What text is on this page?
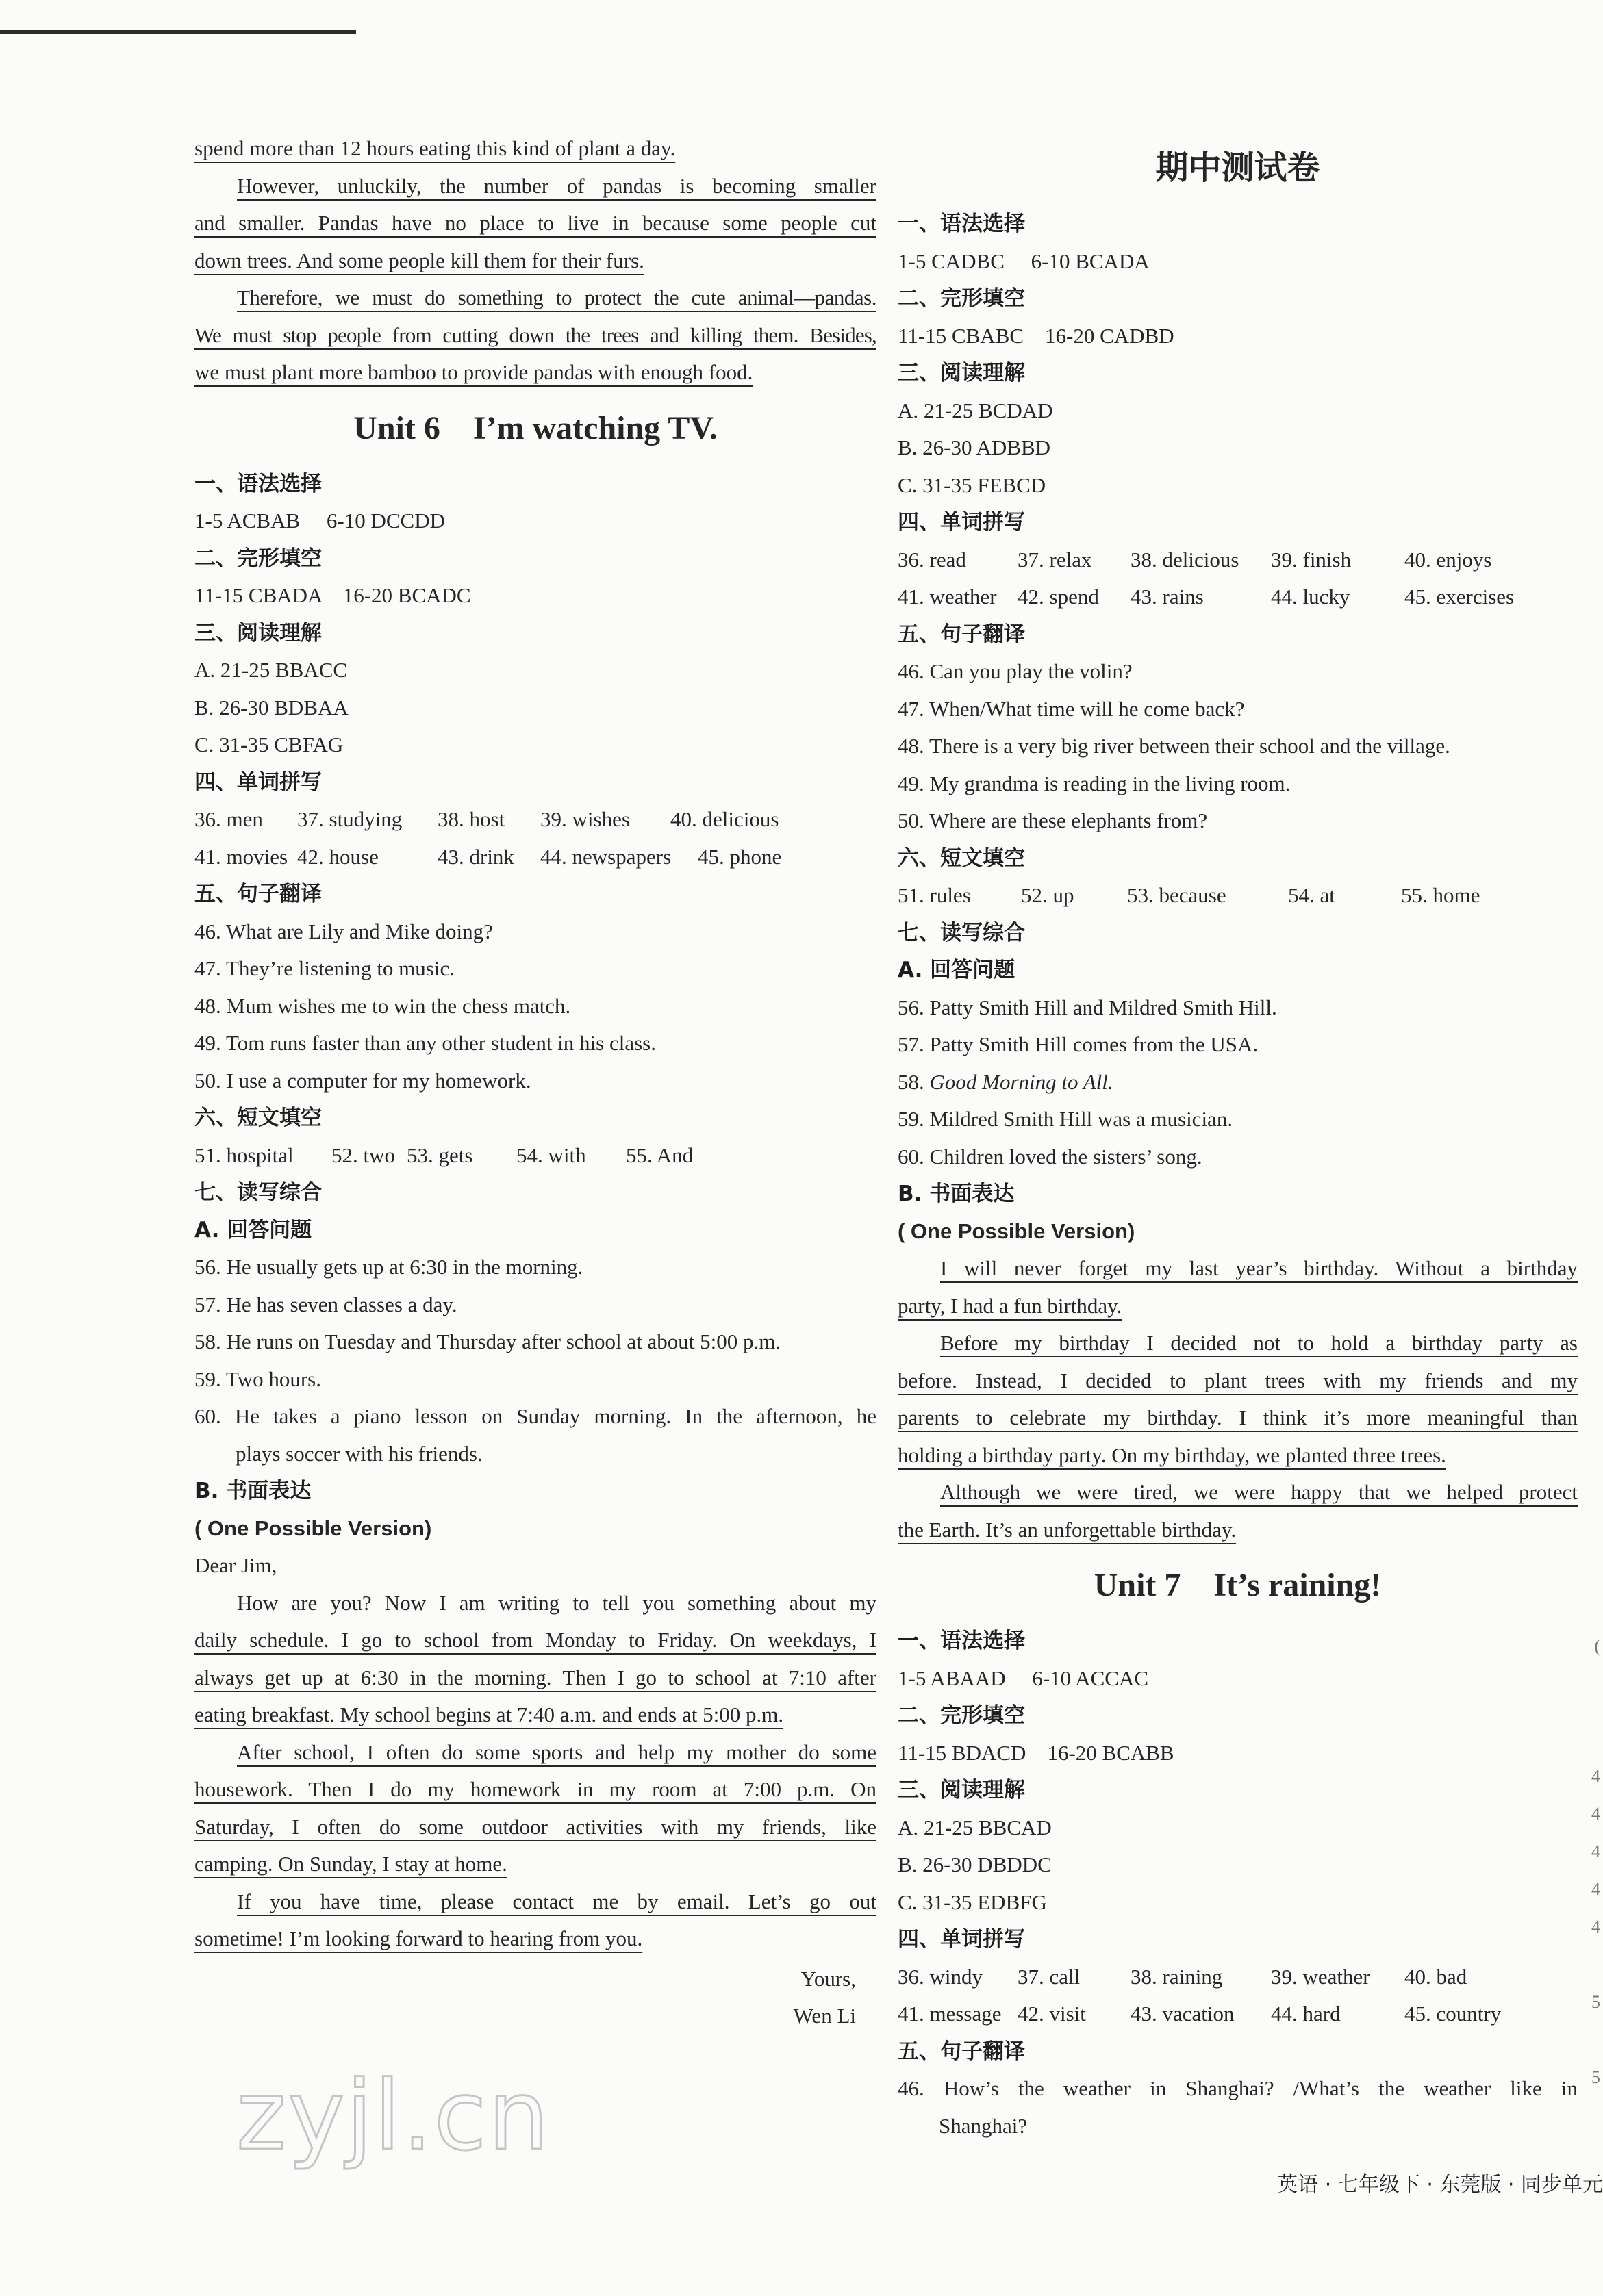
spend more than 12 hours eating this kind of plant a day.
However, unluckily, the number of pandas is becoming smaller
and smaller. Pandas have no place to live in because some people cut
down trees. And some people kill them for their furs.
Therefore, we must do something to protect the cute animal—pandas.
We must stop people from cutting down the trees and killing them. Besides,
we must plant more bamboo to provide pandas with enough food.
Unit 6    I’m watching TV.
一、语法选择
1-5 ACBAB     6-10 DCCDD
二、完形填空
11-15 CBADA    16-20 BCADC
三、阅读理解
A. 21-25 BBACC
B. 26-30 BDBAA
C. 31-35 CBFAG
四、单词拼写
36. men	37. studying	38. host	39. wishes	40. delicious
41. movies 42. house	43. drink	44. newspapers	45. phone
五、句子翻译
46. What are Lily and Mike doing?
47. They’re listening to music.
48. Mum wishes me to win the chess match.
49. Tom runs faster than any other student in his class.
50. I use a computer for my homework.
六、短文填空
51. hospital	52. two 53. gets	54. with	55. And
七、读写综合
A. 回答问题
56. He usually gets up at 6:30 in the morning.
57. He has seven classes a day.
58. He runs on Tuesday and Thursday after school at about 5:00 p.m.
59. Two hours.
60. He takes a piano lesson on Sunday morning. In the afternoon, he
plays soccer with his friends.
B. 书面表达
( One Possible Version)
Dear Jim,
How are you? Now I am writing to tell you something about my
daily schedule. I go to school from Monday to Friday. On weekdays, I
always get up at 6:30 in the morning. Then I go to school at 7:10 after
eating breakfast. My school begins at 7:40 a.m. and ends at 5:00 p.m.
After school, I often do some sports and help my mother do some
housework. Then I do my homework in my room at 7:00 p.m. On
Saturday, I often do some outdoor activities with my friends, like
camping. On Sunday, I stay at home.
If you have time, please contact me by email. Let’s go out
sometime! I’m looking forward to hearing from you.
Yours,
Wen Li
期中测试卷
一、语法选择
1-5 CADBC     6-10 BCADA
二、完形填空
11-15 CBABC    16-20 CADBD
三、阅读理解
A. 21-25 BCDAD
B. 26-30 ADBBD
C. 31-35 FEBCD
四、单词拼写
36. read	37. relax	38. delicious	39. finish	40. enjoys
41. weather 42. spend	43. rains	44. lucky	45. exercises
五、句子翻译
46. Can you play the volin?
47. When/What time will he come back?
48. There is a very big river between their school and the village.
49. My grandma is reading in the living room.
50. Where are these elephants from?
六、短文填空
51. rules	52. up	53. because	54. at	55. home
七、读写综合
A. 回答问题
56. Patty Smith Hill and Mildred Smith Hill.
57. Patty Smith Hill comes from the USA.
58. Good Morning to All.
59. Mildred Smith Hill was a musician.
60. Children loved the sisters’ song.
B. 书面表达
( One Possible Version)
I will never forget my last year’s birthday. Without a birthday
party, I had a fun birthday.
Before my birthday I decided not to hold a birthday party as
before. Instead, I decided to plant trees with my friends and my
parents to celebrate my birthday. I think it’s more meaningful than
holding a birthday party. On my birthday, we planted three trees.
Although we were tired, we were happy that we helped protect
the Earth. It’s an unforgettable birthday.
Unit 7    It’s raining!
一、语法选择
1-5 ABAAD     6-10 ACCAC
二、完形填空
11-15 BDACD    16-20 BCABB
三、阅读理解
A. 21-25 BBCAD
B. 26-30 DBDDC
C. 31-35 EDBFG
四、单词拼写
36. windy	37. call	38. raining	39. weather	40. bad
41. message 42. visit	43. vacation	44. hard	45. country
五、句子翻译
46. How’s the weather in Shanghai? /What’s the weather like in
Shanghai?
zyjl.cn
英语 · 七年级下 · 东莞版 · 同步单元
(
4
4
4
4
4
5
5
